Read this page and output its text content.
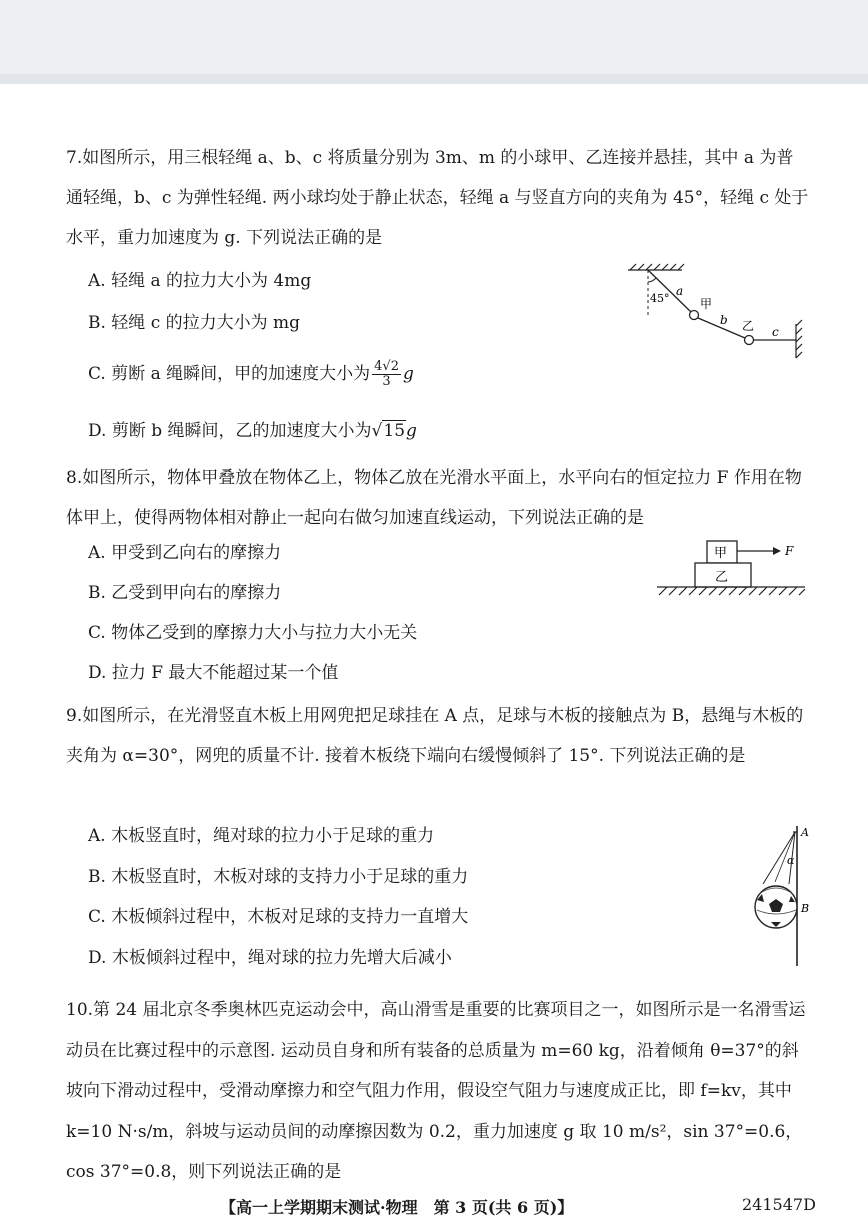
7.如图所示，用三根轻绳 a、b、c 将质量分别为 3m、m 的小球甲、乙连接并悬挂，其中 a 为普通轻绳，b、c 为弹性轻绳. 两小球均处于静止状态，轻绳 a 与竖直方向的夹角为 45°，轻绳 c 处于水平，重力加速度为 g. 下列说法正确的是

A. 轻绳 a 的拉力大小为 4mg
B. 轻绳 c 的拉力大小为 mg
C. 剪断 a 绳瞬间，甲的加速度大小为 $\frac{4√2}{3}$ g
D. 剪断 b 绳瞬间，乙的加速度大小为√15g
45°
a
甲
b 乙 c

8.如图所示，物体甲叠放在物体乙上，物体乙放在光滑水平面上，水平向右的恒定拉力 F 作用在物体甲上，使得两物体相对静止一起向右做匀加速直线运动，下列说法正确的是

A. 甲受到乙向右的摩擦力
B. 乙受到甲向右的摩擦力
C. 物体乙受到的摩擦力大小与拉力大小无关
D. 拉力 F 最大不能超过某一个值
甲	F
乙

9.如图所示，在光滑竖直木板上用网兜把足球挂在 A 点，足球与木板的接触点为 B，悬绳与木板的夹角为 α=30°，网兜的质量不计. 接着木板绕下端向右缓慢倾斜了 15°. 下列说法正确的是

A. 木板竖直时，绳对球的拉力小于足球的重力
B. 木板竖直时，木板对球的支持力小于足球的重力
C. 木板倾斜过程中，木板对足球的支持力一直增大
D. 木板倾斜过程中，绳对球的拉力先增大后减小
A
α
B

10.第 24 届北京冬季奥林匹克运动会中，高山滑雪是重要的比赛项目之一，如图所示是一名滑雪运动员在比赛过程中的示意图. 运动员自身和所有装备的总质量为 m=60 kg，沿着倾角 θ=37°的斜坡向下滑动过程中，受滑动摩擦力和空气阻力作用，假设空气阻力与速度成正比，即 f=kv，其中 k=10 N·s/m，斜坡与运动员间的动摩擦因数为 0.2，重力加速度 g 取 10 m/s²，sin 37°=0.6，cos 37°=0.8，则下列说法正确的是

【高一上学期期末测试·物理　第 3 页(共 6 页)】	241547D
